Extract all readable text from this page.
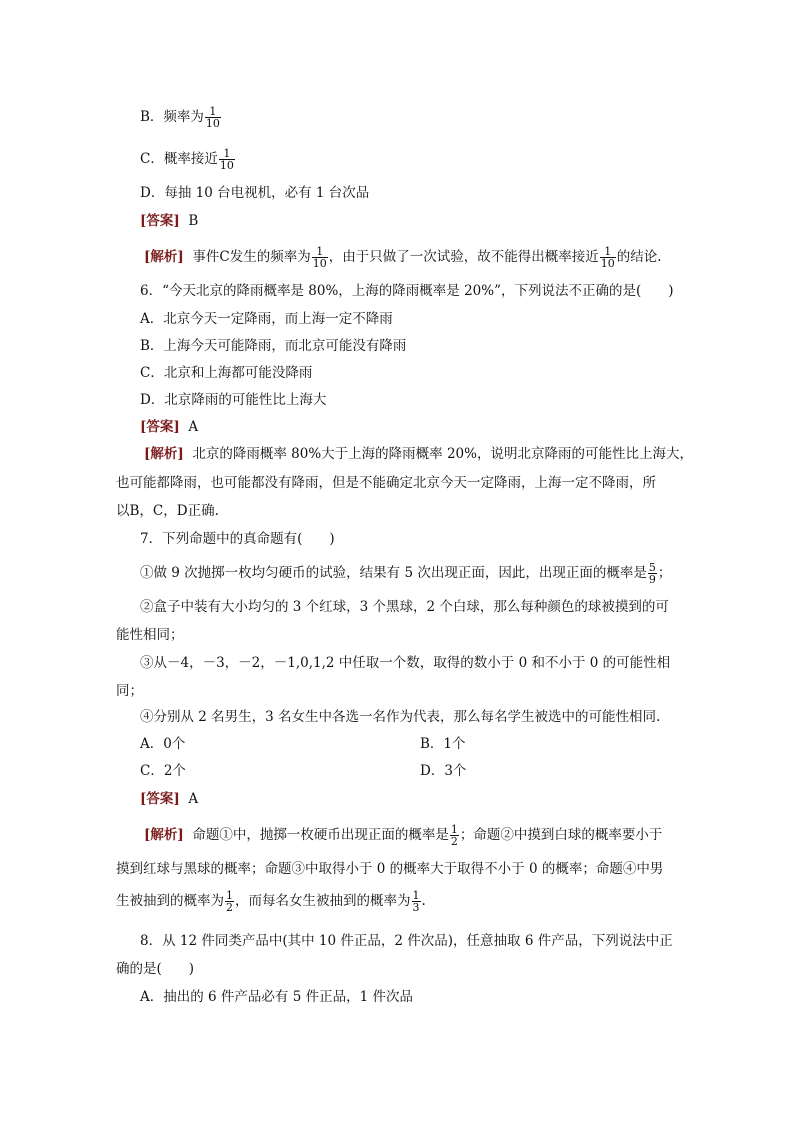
B．频率为 $\frac{1}{10}$
C．概率接近 $\frac{1}{10}$
D．每抽 10 台电视机，必有 1 台次品
[答案] B
[解析] 事件C发生的频率为 $\frac{1}{10}$ ，由于只做了一次试验，故不能得出概率接近 $\frac{1}{10}$ 的结论.
6．“今天北京的降雨概率是 80%，上海的降雨概率是 20%”，下列说法不正确的是(　　)
A．北京今天一定降雨，而上海一定不降雨
B．上海今天可能降雨，而北京可能没有降雨
C．北京和上海都可能没降雨
D．北京降雨的可能性比上海大
[答案] A
[解析] 北京的降雨概率 80%大于上海的降雨概率 20%，说明北京降雨的可能性比上海大，
也可能都降雨，也可能都没有降雨，但是不能确定北京今天一定降雨，上海一定不降雨，所
以B，C，D正确.
7．下列命题中的真命题有(　　)
①做 9 次抛掷一枚均匀硬币的试验，结果有 5 次出现正面，因此，出现正面的概率是 $\frac{5}{9}$ ；
②盒子中装有大小均匀的 3 个红球，3 个黑球，2 个白球，那么每种颜色的球被摸到的可
能性相同；
③从－4，－3，－2，－1,0,1,2 中任取一个数，取得的数小于 0 和不小于 0 的可能性相
同；
④分别从 2 名男生，3 名女生中各选一名作为代表，那么每名学生被选中的可能性相同.
A．0个	B．1个
C．2个	D．3个
[答案] A
[解析] 命题①中，抛掷一枚硬币出现正面的概率是 $\frac{1}{2}$ ；命题②中摸到白球的概率要小于
摸到红球与黑球的概率；命题③中取得小于 0 的概率大于取得不小于 0 的概率；命题④中男
生被抽到的概率为 $\frac{1}{2}$ ，而每名女生被抽到的概率为 $\frac{1}{3}$ .
8．从 12 件同类产品中(其中 10 件正品，2 件次品)，任意抽取 6 件产品，下列说法中正
确的是(　　)
A．抽出的 6 件产品必有 5 件正品，1 件次品
